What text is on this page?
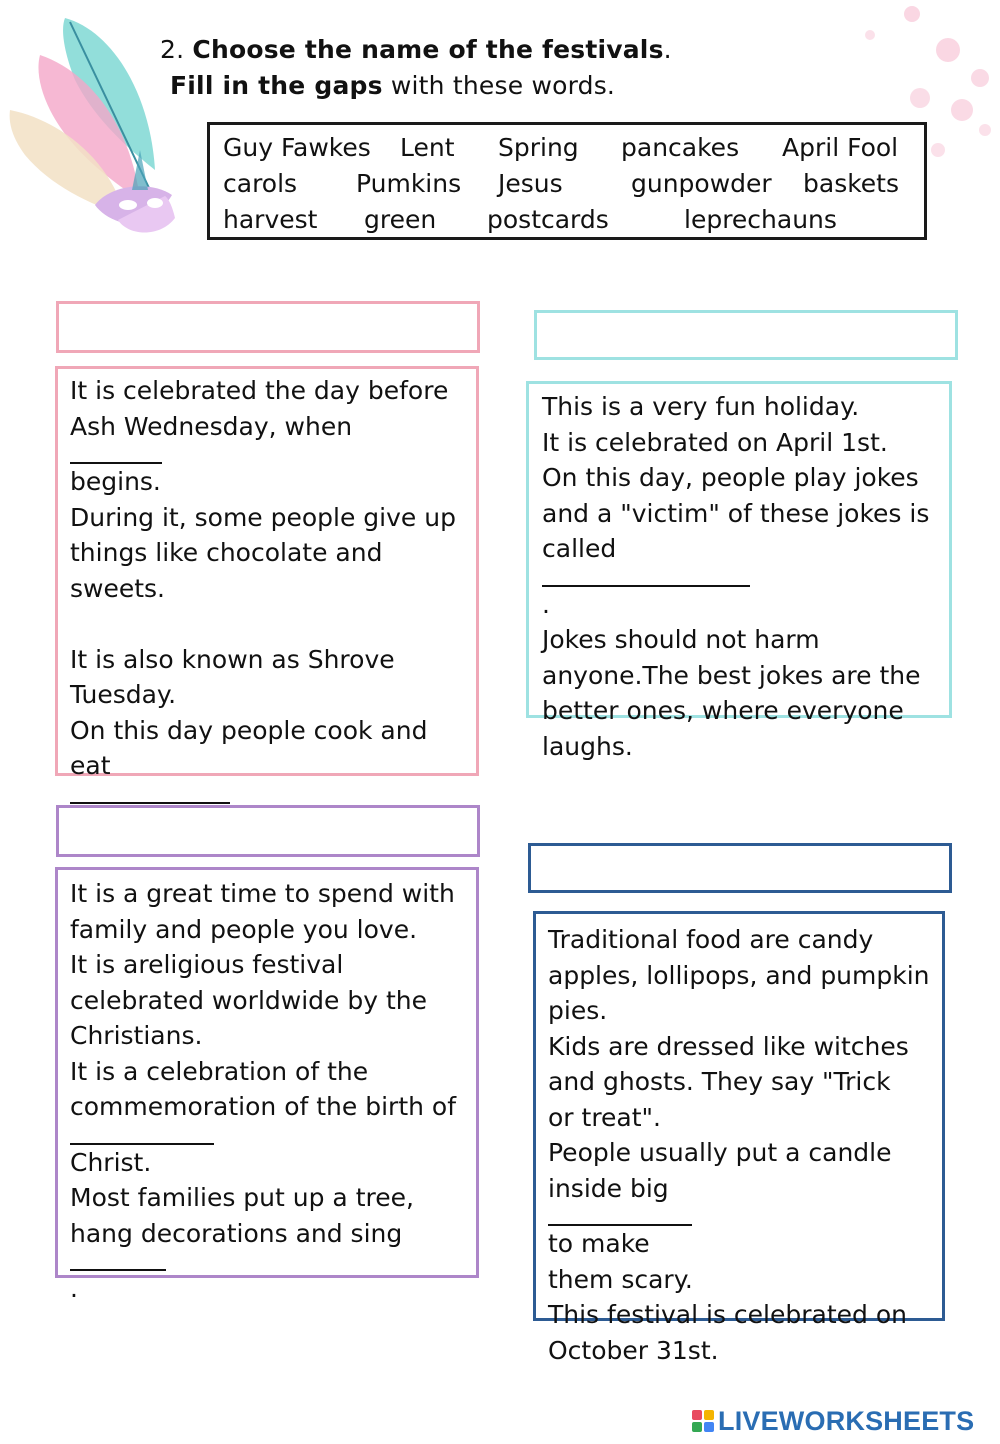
2. Choose the name of the festivals.
Fill in the gaps with these words.
Guy Fawkes Lent Spring pancakes April Fool
carols Pumkins Jesus	gunpowder baskets
harvest green postcards	leprechauns
It is celebrated the day before
Ash Wednesday, when
begins.
During it, some people give up
things like chocolate and
sweets.
It is also known as Shrove
Tuesday.
On this day people cook and
eat
This is a very fun holiday.
It is celebrated on April 1st.
On this day, people play jokes
and a "victim" of these jokes is
called
.
Jokes should not harm
anyone.The best jokes are the
better ones, where everyone
laughs.
It is a great time to spend with
family and people you love.
It is areligious festival
celebrated worldwide by the
Christians.
It is a celebration of the
commemoration of the birth of
Christ.
Most families put up a tree,
hang decorations and sing
.
Traditional food are candy
apples, lollipops, and pumpkin
pies.
Kids are dressed like witches
and ghosts. They say "Trick
or treat".
People usually put a candle
inside big
to make
them scary.
This festival is celebrated on
October 31st.
LIVEWORKSHEETS
